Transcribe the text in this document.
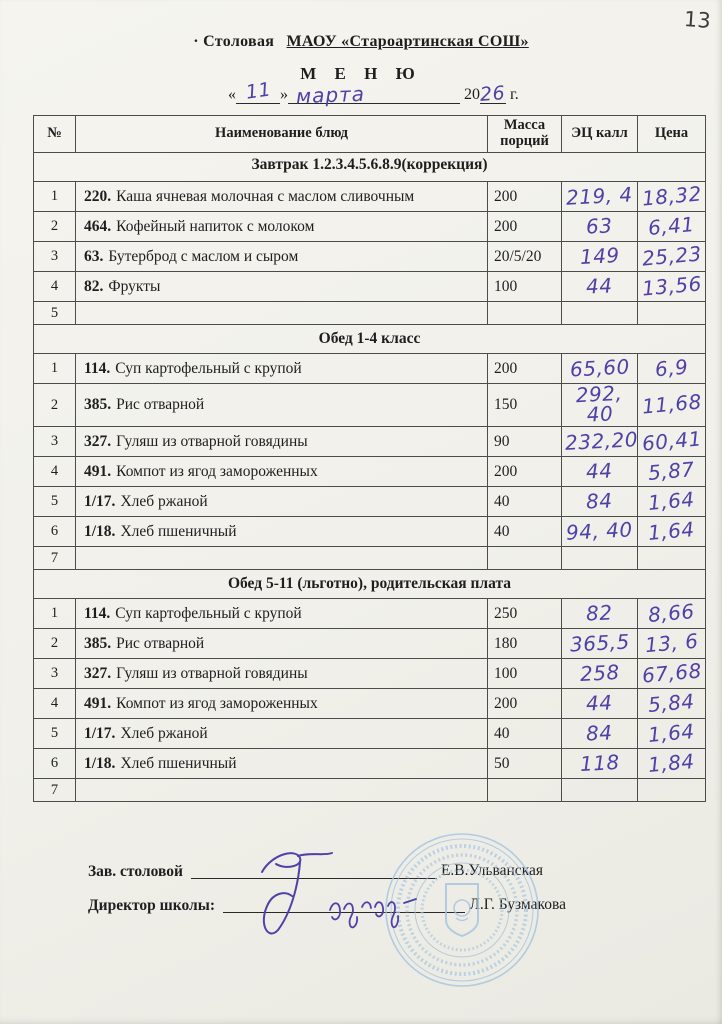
13
· Столовая МАОУ «Староартинская СОШ»
М Е Н Ю
« 11 » марта	20 26 г.
№	Наименование блюд	Масса порций	ЭЦ калл	Цена
Завтрак 1.2.3.4.5.6.8.9(коррекция)				
1	220. Каша ячневая молочная с маслом сливочным	200	219, 4	18,32
2	464. Кофейный напиток с молоком	200	63	6,41
3	63. Бутерброд с маслом и сыром	20/5/20	149	25,23
4	82. Фрукты	100	44	13,56
5				
Обед 1-4 класс				
1	114. Суп картофельный с крупой	200	65,60	6,9
2	385. Рис отварной	150	292, 40	11,68
3	327. Гуляш из отварной говядины	90	232,20	60,41
4	491. Компот из ягод замороженных	200	44	5,87
5	1/17. Хлеб ржаной	40	84	1,64
6	1/18. Хлеб пшеничный	40	94, 40	1,64
7				
Обед 5-11 (льготно), родительская плата				
1	114. Суп картофельный с крупой	250	82	8,66
2	385. Рис отварной	180	365,5	13, 6
3	327. Гуляш из отварной говядины	100	258	67,68
4	491. Компот из ягод замороженных	200	44	5,84
5	1/17. Хлеб ржаной	40	84	1,64
6	1/18. Хлеб пшеничный	50	118	1,84
7				
Зав. столовой	Е.В.Ульванская
Директор школы:	Л.Г. Бузмакова
